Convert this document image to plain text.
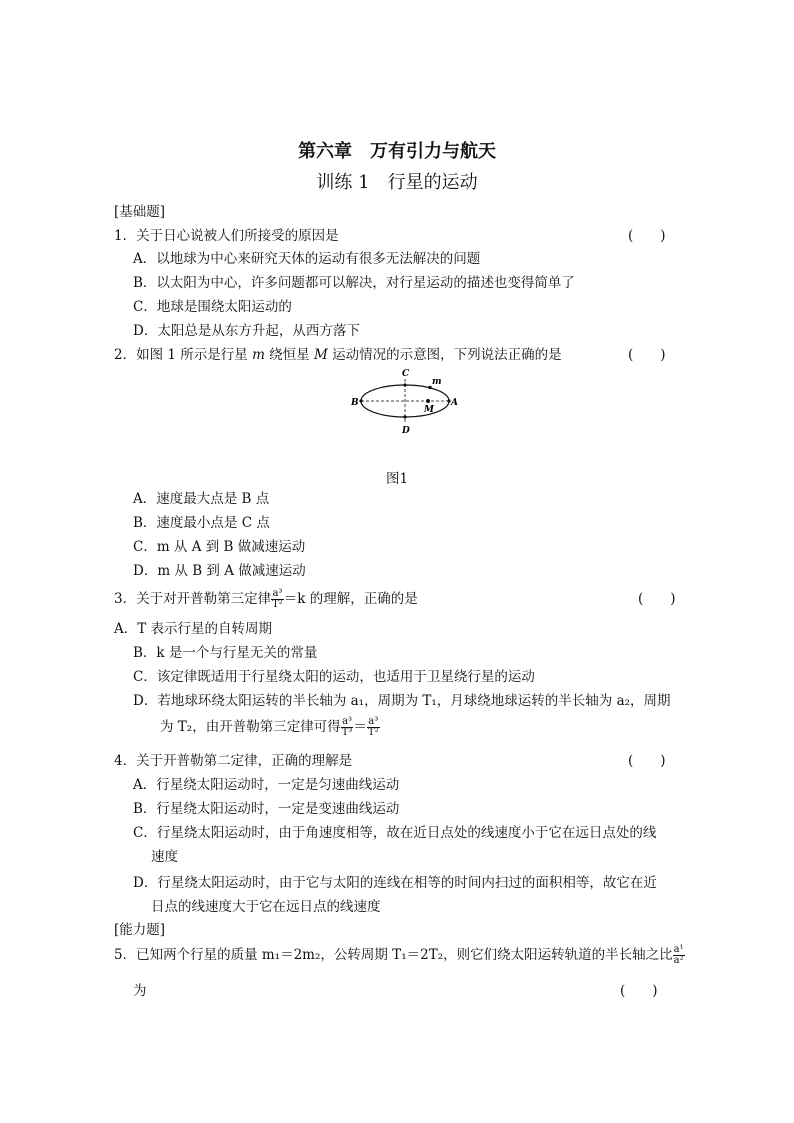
第六章　万有引力与航天
训练 1　行星的运动
[基础题]
1．关于日心说被人们所接受的原因是	(　　)
A．以地球为中心来研究天体的运动有很多无法解决的问题
B．以太阳为中心，许多问题都可以解决，对行星运动的描述也变得简单了
C．地球是围绕太阳运动的
D．太阳总是从东方升起，从西方落下
2．如图 1 所示是行星 m 绕恒星 M 运动情况的示意图，下列说法正确的是	(　　)
A
B
C
D
m
M
图1
A．速度最大点是 B 点
B．速度最小点是 C 点
C．m 从 A 到 B 做减速运动
D．m 从 B 到 A 做减速运动
3．关于对开普勒第三定律 $\frac{\text{a³}}{\text{T²}} =k$ 的理解，正确的是	(　　)
A．T 表示行星的自转周期
B．k 是一个与行星无关的常量
C．该定律既适用于行星绕太阳的运动，也适用于卫星绕行星的运动
D．若地球环绕太阳运转的半长轴为 a₁，周期为 T₁，月球绕地球运转的半长轴为 a₂，周期
为 T₂，由开普勒第三定律可得 $\frac{\text{a³}}{\text{T³}} = \frac{\text{a³}}{\text{T²}}$
4．关于开普勒第二定律，正确的理解是	(　　)
A．行星绕太阳运动时，一定是匀速曲线运动
B．行星绕太阳运动时，一定是变速曲线运动
C．行星绕太阳运动时，由于角速度相等，故在近日点处的线速度小于它在远日点处的线
速度
D．行星绕太阳运动时，由于它与太阳的连线在相等的时间内扫过的面积相等，故它在近
日点的线速度大于它在远日点的线速度
[能力题]
5．已知两个行星的质量 m₁＝2m₂，公转周期 T₁＝2T₂，则它们绕太阳运转轨道的半长轴之比 $\frac{\text{a¹}}{\text{a²}}$
为	(　　)
